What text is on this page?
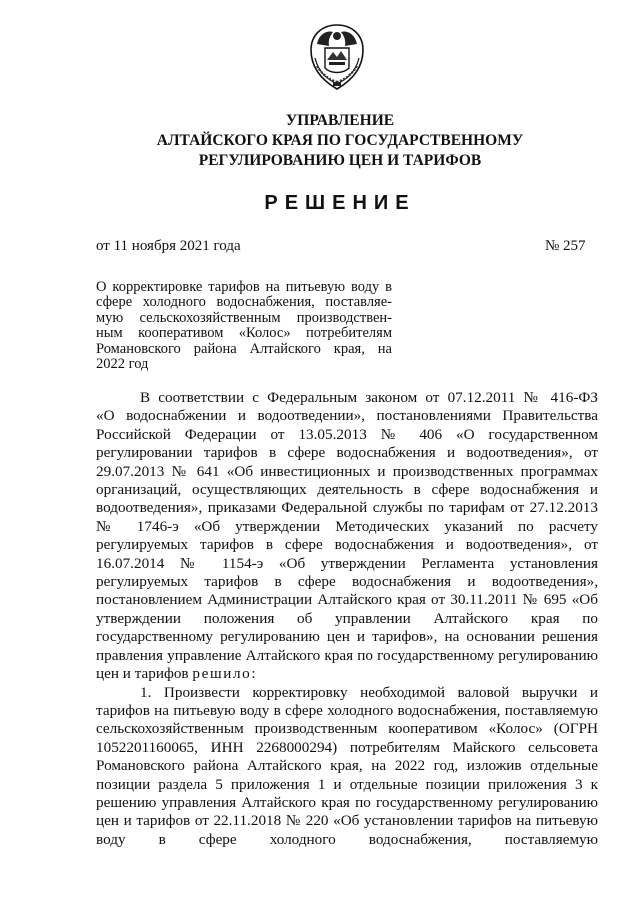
УПРАВЛЕНИЕ
АЛТАЙСКОГО КРАЯ ПО ГОСУДАРСТВЕННОМУ
РЕГУЛИРОВАНИЮ ЦЕН И ТАРИФОВ
РЕШЕНИЕ
от 11 ноября 2021 года	№ 257
О корректировке тарифов на питьевую воду в
сфере холодного водоснабжения, поставляе-
мую сельскохозяйственным производствен-
ным кооперативом «Колос» потребителям
Романовского района Алтайского края, на
2022 год
В соответствии с Федеральным законом от 07.12.2011 № 416-ФЗ
«О водоснабжении и водоотведении», постановлениями Правительства
Российской Федерации от 13.05.2013 № 406 «О государственном
регулировании тарифов в сфере водоснабжения и водоотведения», от
29.07.2013 № 641 «Об инвестиционных и производственных программах
организаций, осуществляющих деятельность в сфере водоснабжения и
водоотведения», приказами Федеральной службы по тарифам от 27.12.2013
№ 1746-э «Об утверждении Методических указаний по расчету
регулируемых тарифов в сфере водоснабжения и водоотведения», от
16.07.2014 № 1154-э «Об утверждении Регламента установления
регулируемых тарифов в сфере водоснабжения и водоотведения»,
постановлением Администрации Алтайского края от 30.11.2011 № 695 «Об
утверждении положения об управлении Алтайского края по
государственному регулированию цен и тарифов», на основании решения
правления управление Алтайского края по государственному регулированию
цен и тарифов решило:
1. Произвести корректировку необходимой валовой выручки и
тарифов на питьевую воду в сфере холодного водоснабжения, поставляемую
сельскохозяйственным производственным кооперативом «Колос» (ОГРН
1052201160065, ИНН 2268000294) потребителям Майского сельсовета
Романовского района Алтайского края, на 2022 год, изложив отдельные
позиции раздела 5 приложения 1 и отдельные позиции приложения 3 к
решению управления Алтайского края по государственному регулированию
цен и тарифов от 22.11.2018 № 220 «Об установлении тарифов на питьевую
воду в сфере холодного водоснабжения, поставляемую
